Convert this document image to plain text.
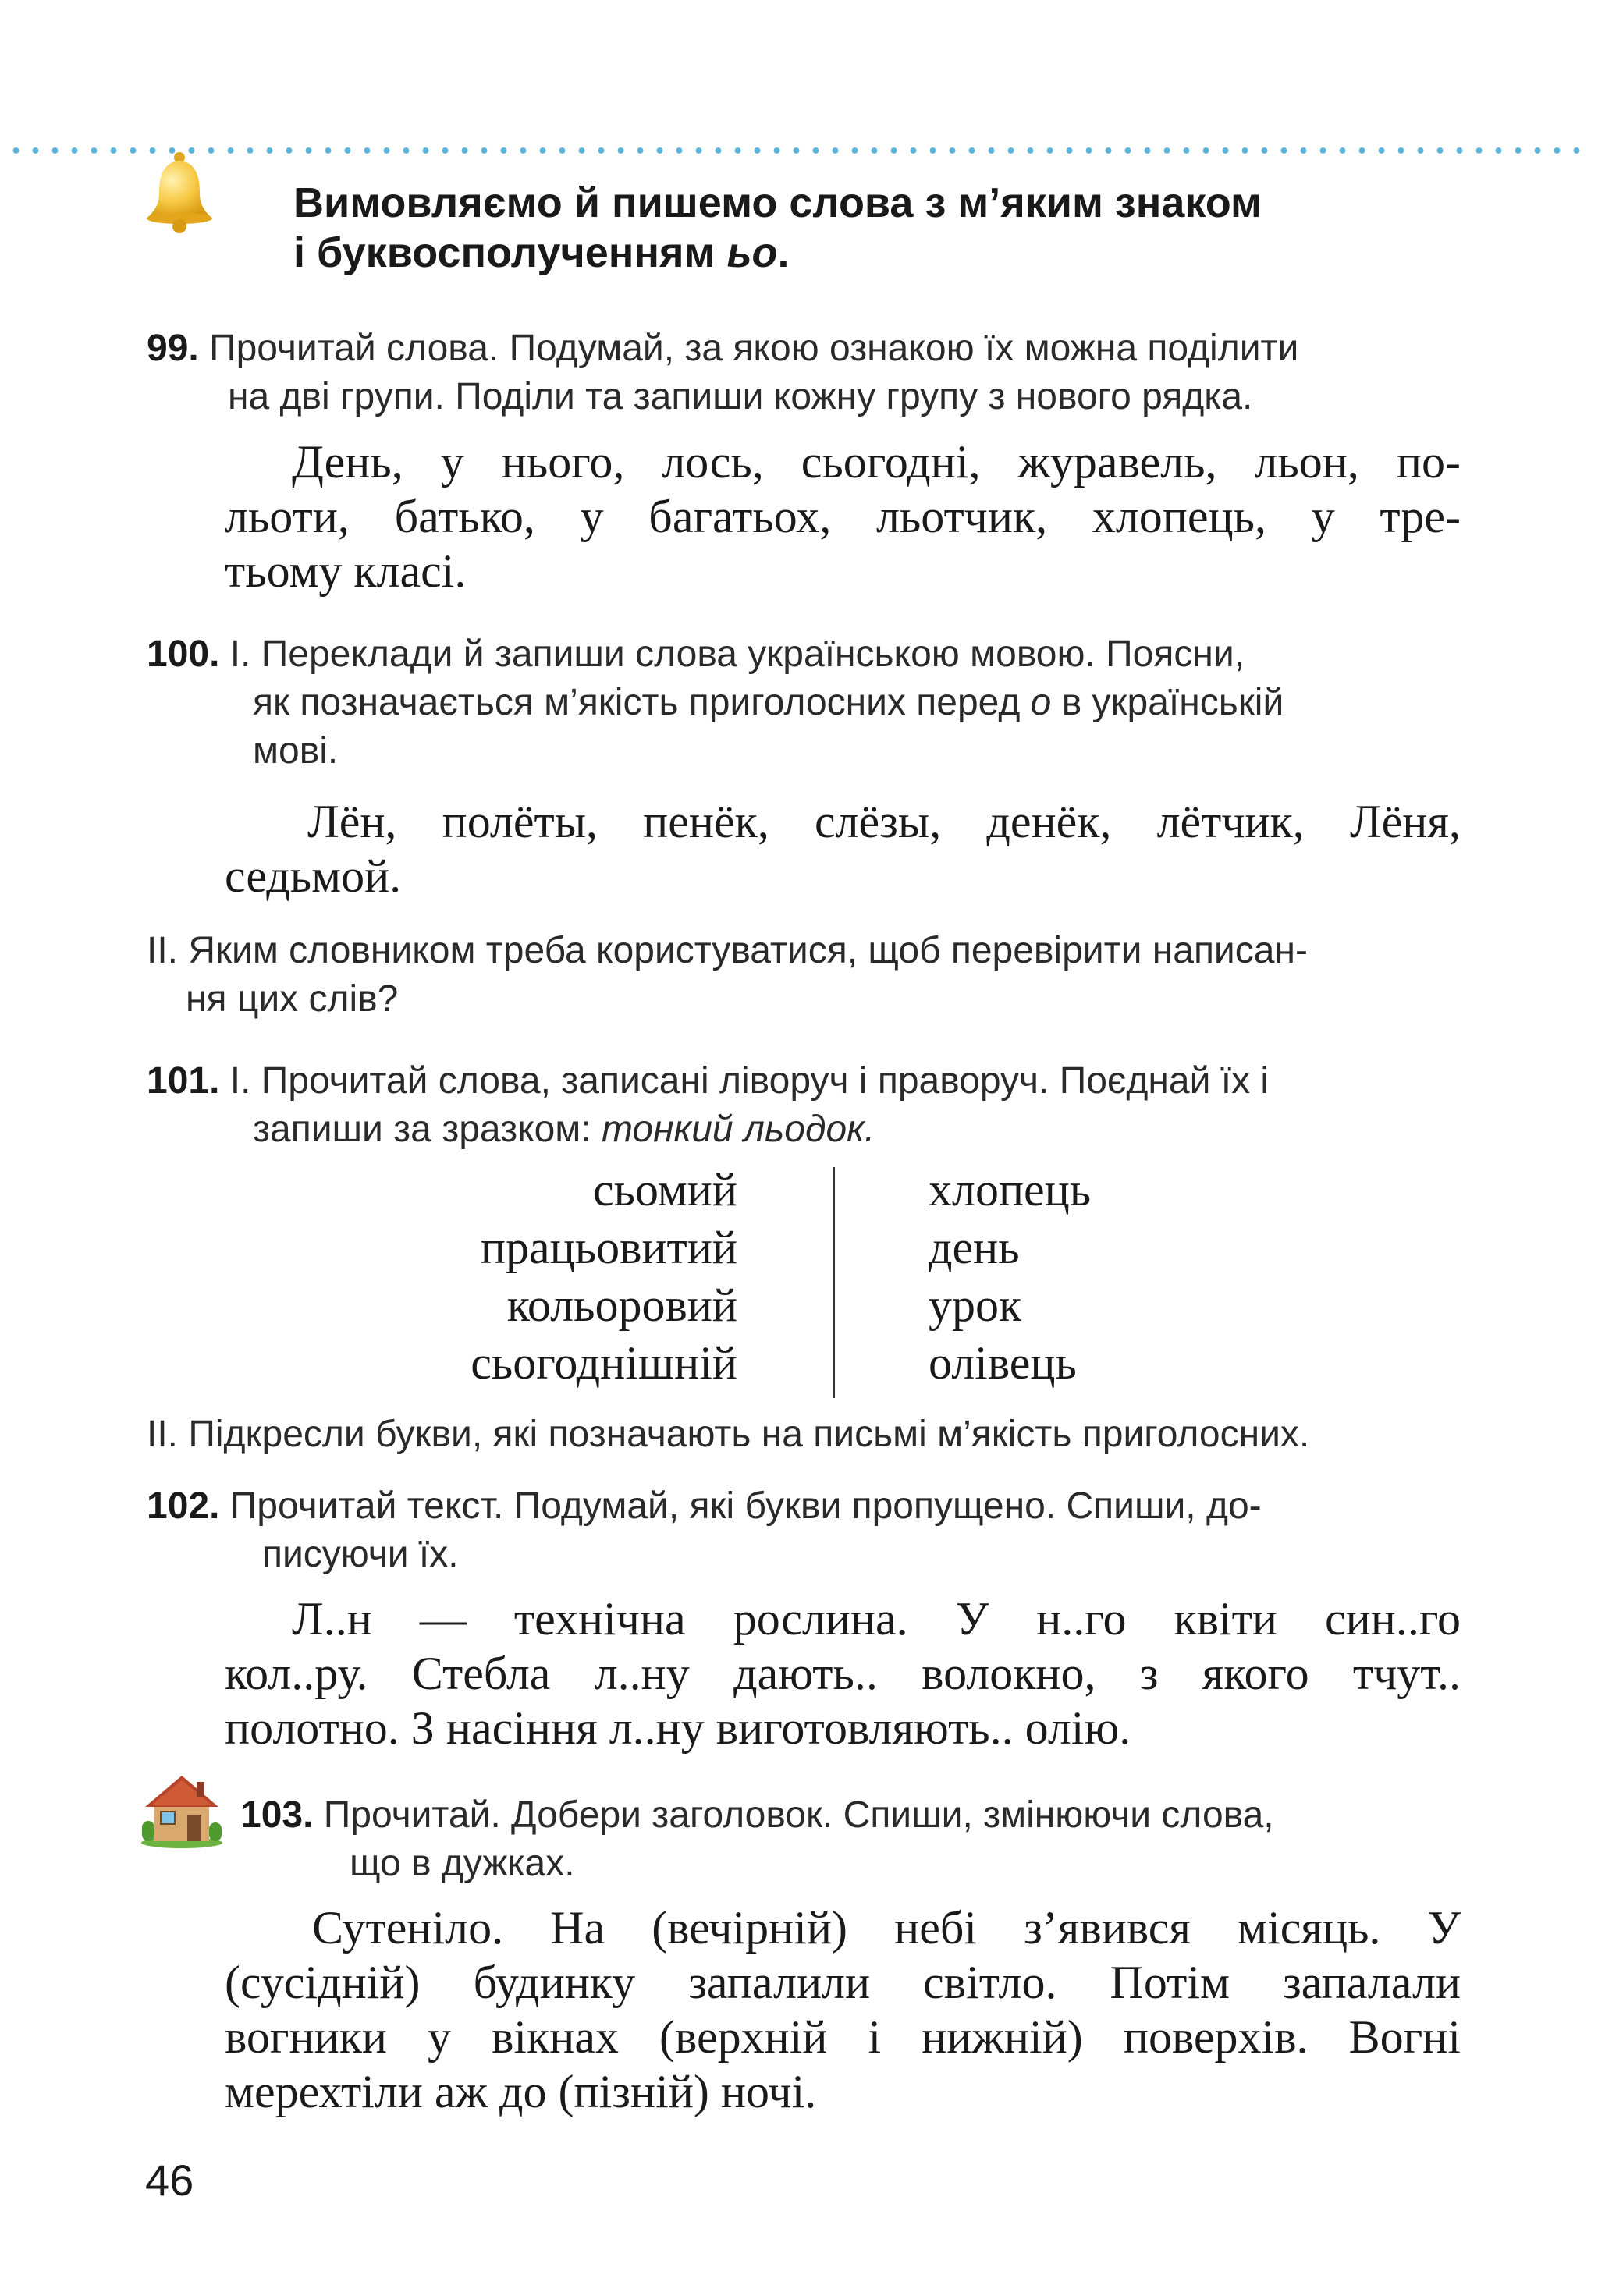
Вимовляємо й пишемо слова з м’яким знаком
і буквосполученням ьо.
99. Прочитай слова. Подумай, за якою ознакою їх можна поділити
на дві групи. Поділи та запиши кожну групу з нового рядка.
День, у нього, лось, сьогодні, журавель, льон, по-
льоти, батько, у багатьох, льотчик, хлопець, у тре-
тьому класі.
100. І. Переклади й запиши слова українською мовою. Поясни,
як позначається м’якість приголосних перед о в українській
мові.
Лён, полёты, пенёк, слёзы, денёк, лётчик, Лёня,
седьмой.
ІІ. Яким словником треба користуватися, щоб перевірити написан-
ня цих слів?
101. І. Прочитай слова, записані ліворуч і праворуч. Поєднай їх і
запиши за зразком: тонкий льодок.
сьомий
працьовитий
кольоровий
сьогоднішній
хлопець
день
урок
олівець
ІІ. Підкресли букви, які позначають на письмі м’якість приголосних.
102. Прочитай текст. Подумай, які букви пропущено. Спиши, до-
писуючи їх.
Л..н — технічна рослина. У н..го квіти син..го
кол..ру. Стебла л..ну дають.. волокно, з якого тчут..
полотно. З насіння л..ну виготовляють.. олію.
103. Прочитай. Добери заголовок. Спиши, змінюючи слова,
що в дужках.
Сутеніло. На (вечірній) небі з’явився місяць. У
(сусідній) будинку запалили світло. Потім запалали
вогники у вікнах (верхній і нижній) поверхів. Вогні
мерехтіли аж до (пізній) ночі.
46
